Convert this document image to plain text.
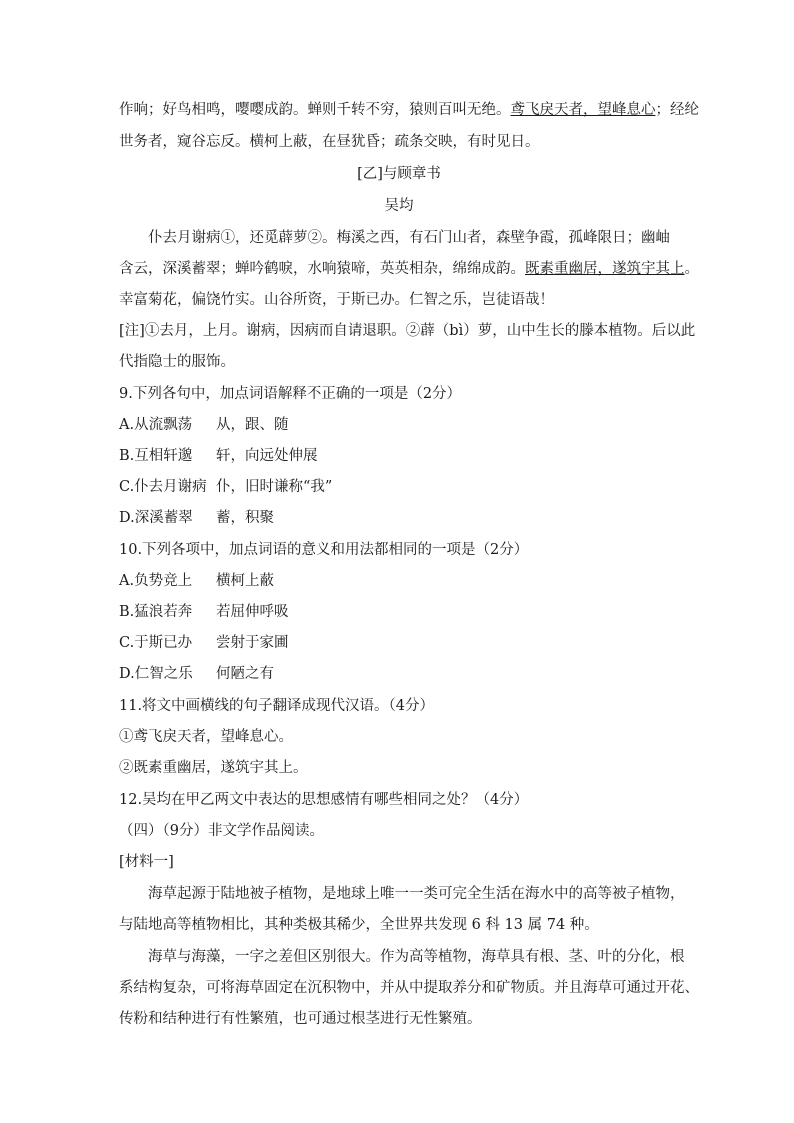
作响；好鸟相鸣，嘤嘤成韵。蝉则千转不穷，猿则百叫无绝。鸢飞戾天者，望峰息心；经纶
世务者，窥谷忘反。横柯上蔽，在昼犹昏；疏条交映，有时见日。
[乙]与顾章书
吴均
仆去月谢病①，还觅薜萝②。梅溪之西，有石门山者，森壁争霞，孤峰限日；幽岫
含云，深溪蓄翠；蝉吟鹤唳，水响猿啼，英英相杂，绵绵成韵。既素重幽居，遂筑宇其上。
幸富菊花，偏饶竹实。山谷所资，于斯已办。仁智之乐，岂徒语哉！
[注]①去月，上月。谢病，因病而自请退职。②薜（bì）萝，山中生长的滕本植物。后以此
代指隐士的服饰。
9.下列各句中，加点词语解释不正确的一项是（2分）
A.从流飘荡 从，跟、随
B.互相轩邈 轩，向远处伸展
C.仆去月谢病 仆，旧时谦称“我”
D.深溪蓄翠 蓄，积聚
10.下列各项中，加点词语的意义和用法都相同的一项是（2分）
A.负势竞上 横柯上蔽
B.猛浪若奔 若屈伸呼吸
C.于斯已办 尝射于家圃
D.仁智之乐 何陋之有
11.将文中画横线的句子翻译成现代汉语。（4分）
①鸢飞戾天者，望峰息心。
②既素重幽居，遂筑宇其上。
12.吴均在甲乙两文中表达的思想感情有哪些相同之处？（4分）
（四）（9分）非文学作品阅读。
[材料一]
海草起源于陆地被子植物，是地球上唯一一类可完全生活在海水中的高等被子植物，
与陆地高等植物相比，其种类极其稀少，全世界共发现 6 科 13 属 74 种。
海草与海藻，一字之差但区别很大。作为高等植物，海草具有根、茎、叶的分化，根
系结构复杂，可将海草固定在沉积物中，并从中提取养分和矿物质。并且海草可通过开花、
传粉和结种进行有性繁殖，也可通过根茎进行无性繁殖。
